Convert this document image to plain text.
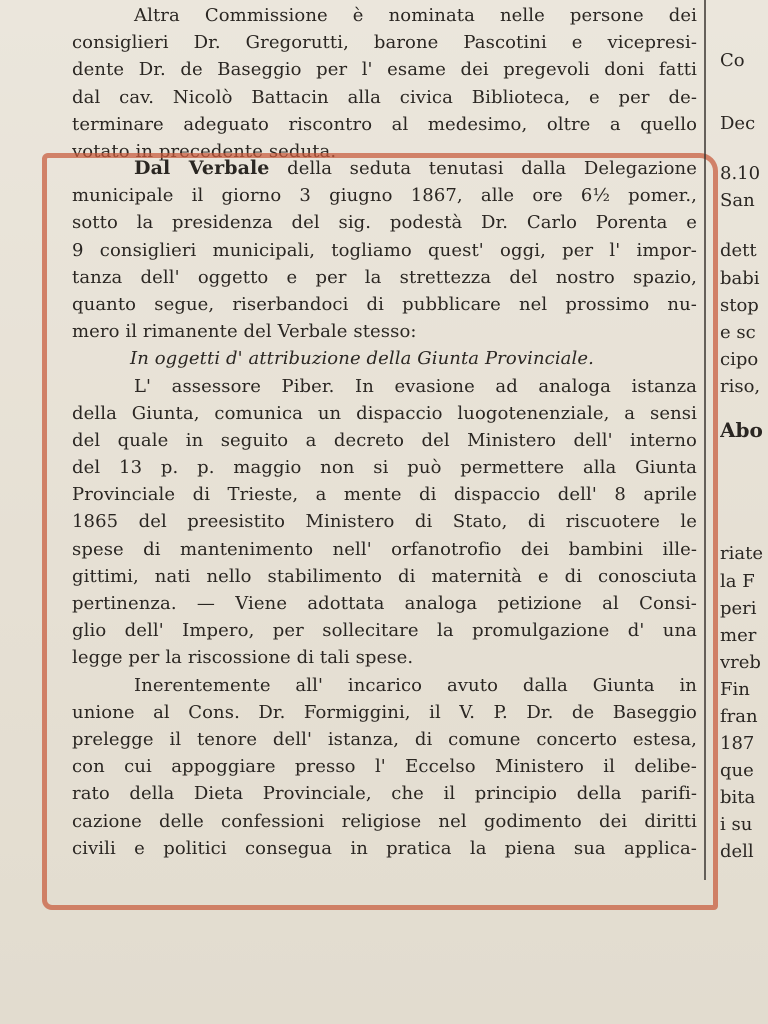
Altra Commissione è nominata nelle persone dei
consiglieri Dr. Gregorutti, barone Pascotini e vicepresi-
dente Dr. de Baseggio per l' esame dei pregevoli doni fatti
dal cav. Nicolò Battacin alla civica Biblioteca, e per de-
terminare adeguato riscontro al medesimo, oltre a quello
votato in precedente seduta.
Dal Verbale della seduta tenutasi dalla Delegazione
municipale il giorno 3 giugno 1867, alle ore 6½ pomer.,
sotto la presidenza del sig. podestà Dr. Carlo Porenta e
9 consiglieri municipali, togliamo quest' oggi, per l' impor-
tanza dell' oggetto e per la strettezza del nostro spazio,
quanto segue, riserbandoci di pubblicare nel prossimo nu-
mero il rimanente del Verbale stesso:
In oggetti d' attribuzione della Giunta Provinciale.
L' assessore Piber. In evasione ad analoga istanza
della Giunta, comunica un dispaccio luogotenenziale, a sensi
del quale in seguito a decreto del Ministero dell' interno
del 13 p. p. maggio non si può permettere alla Giunta
Provinciale di Trieste, a mente di dispaccio dell' 8 aprile
1865 del preesistito Ministero di Stato, di riscuotere le
spese di mantenimento nell' orfanotrofio dei bambini ille-
gittimi, nati nello stabilimento di maternità e di conosciuta
pertinenza. — Viene adottata analoga petizione al Consi-
glio dell' Impero, per sollecitare la promulgazione d' una
legge per la riscossione di tali spese.
Inerentemente all' incarico avuto dalla Giunta in
unione al Cons. Dr. Formiggini, il V. P. Dr. de Baseggio
prelegge il tenore dell' istanza, di comune concerto estesa,
con cui appoggiare presso l' Eccelso Ministero il delibe-
rato della Dieta Provinciale, che il principio della parifi-
cazione delle confessioni religiose nel godimento dei diritti
civili e politici consegua in pratica la piena sua applica-
Co
Dec
8.10
San
dett
babi
stop
e sc
cipo
riso,
Abo
riate
la F
peri
mer
vreb
Fin
fran
187
que
bita
i su
dell
